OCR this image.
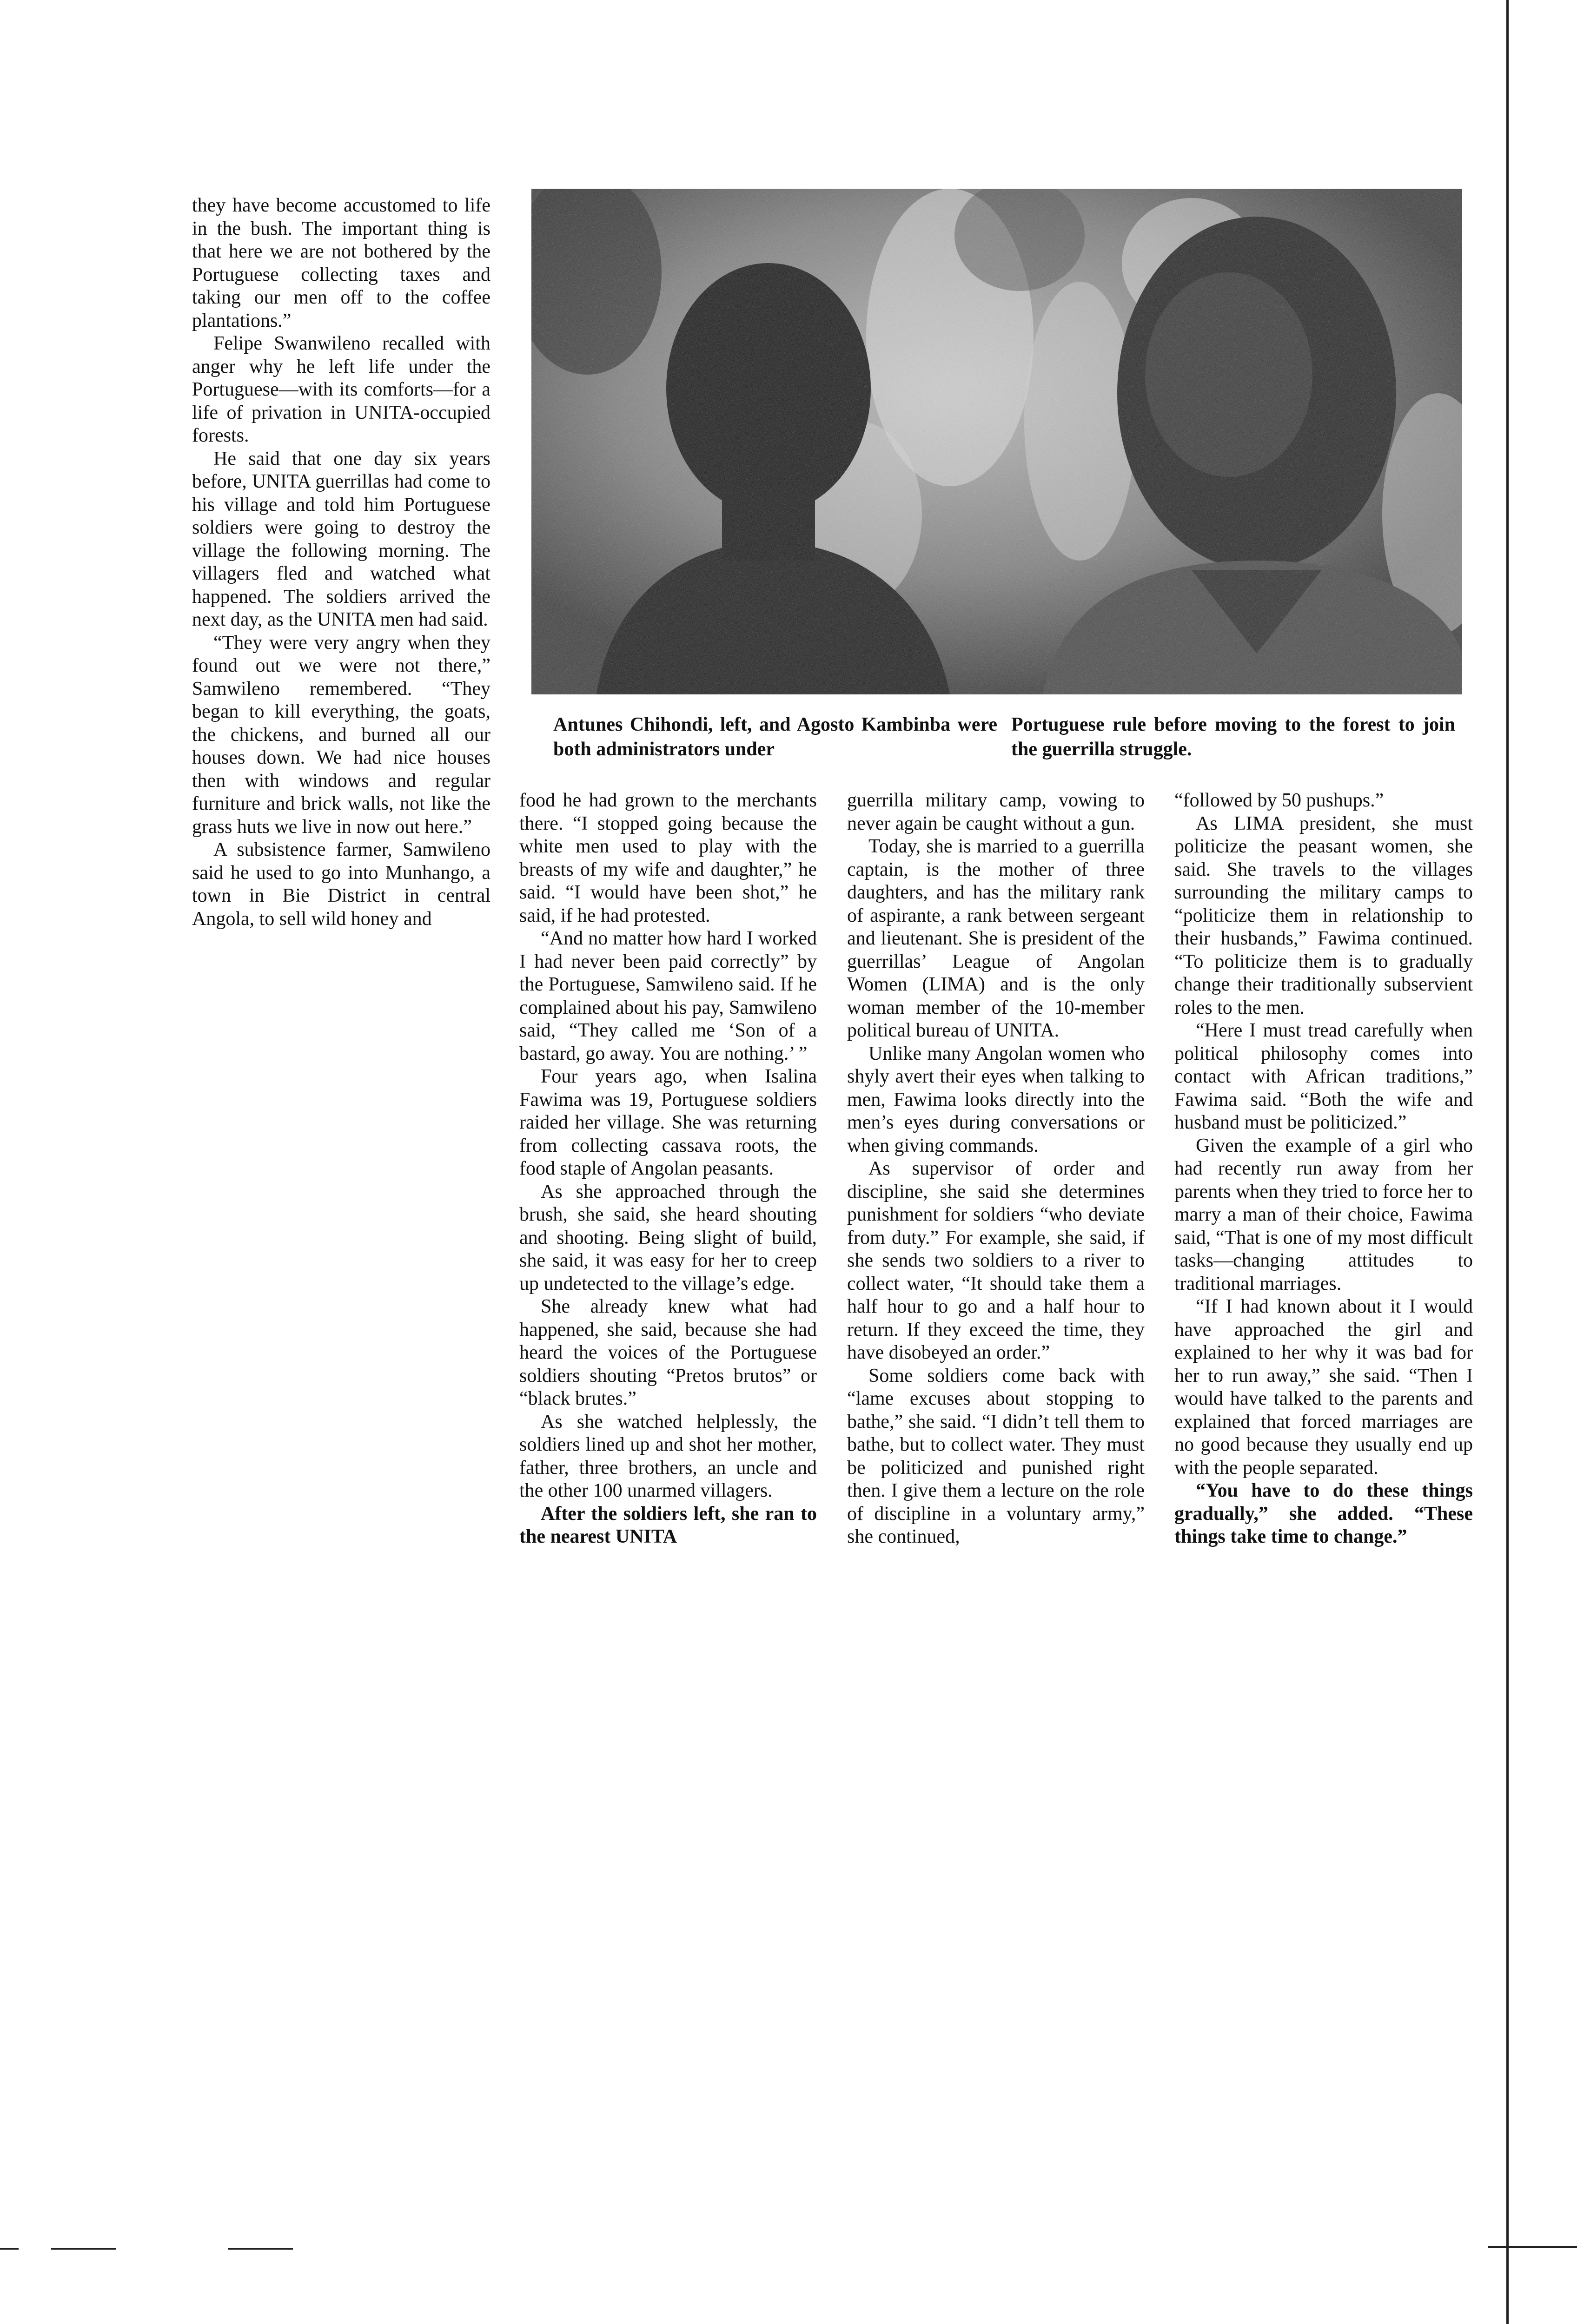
Antunes Chihondi, left, and Agosto Kambinba were both administrators under
Portuguese rule before moving to the forest to join the guerrilla struggle.

they have become accustomed to life in the bush. The important thing is that here we are not bothered by the Portuguese collecting taxes and taking our men off to the coffee plantations.”

Felipe Swanwileno recalled with anger why he left life under the Portuguese—with its comforts—for a life of privation in UNITA-occupied forests.

He said that one day six years before, UNITA guerrillas had come to his village and told him Portuguese soldiers were going to destroy the village the following morning. The villagers fled and watched what happened. The soldiers arrived the next day, as the UNITA men had said.

“They were very angry when they found out we were not there,” Samwileno remembered. “They began to kill everything, the goats, the chickens, and burned all our houses down. We had nice houses then with windows and regular furniture and brick walls, not like the grass huts we live in now out here.”

A subsistence farmer, Samwileno said he used to go into Munhango, a town in Bie District in central Angola, to sell wild honey and

food he had grown to the merchants there. “I stopped going because the white men used to play with the breasts of my wife and daughter,” he said. “I would have been shot,” he said, if he had protested.

“And no matter how hard I worked I had never been paid correctly” by the Portuguese, Samwileno said. If he complained about his pay, Samwileno said, “They called me ‘Son of a bastard, go away. You are nothing.’ ”

Four years ago, when Isalina Fawima was 19, Portuguese soldiers raided her village. She was returning from collecting cassava roots, the food staple of Angolan peasants.

As she approached through the brush, she said, she heard shouting and shooting. Being slight of build, she said, it was easy for her to creep up undetected to the village’s edge.

She already knew what had happened, she said, because she had heard the voices of the Portuguese soldiers shouting “Pretos brutos” or “black brutes.”

As she watched helplessly, the soldiers lined up and shot her mother, father, three brothers, an uncle and the other 100 unarmed villagers.

After the soldiers left, she ran to the nearest UNITA

guerrilla military camp, vowing to never again be caught without a gun.

Today, she is married to a guerrilla captain, is the mother of three daughters, and has the military rank of aspirante, a rank between sergeant and lieutenant. She is president of the guerrillas’ League of Angolan Women (LIMA) and is the only woman member of the 10-member political bureau of UNITA.

Unlike many Angolan women who shyly avert their eyes when talking to men, Fawima looks directly into the men’s eyes during conversations or when giving commands.

As supervisor of order and discipline, she said she determines punishment for soldiers “who deviate from duty.” For example, she said, if she sends two soldiers to a river to collect water, “It should take them a half hour to go and a half hour to return. If they exceed the time, they have disobeyed an order.”

Some soldiers come back with “lame excuses about stopping to bathe,” she said. “I didn’t tell them to bathe, but to collect water. They must be politicized and punished right then. I give them a lecture on the role of discipline in a voluntary army,” she continued,

“followed by 50 pushups.”

As LIMA president, she must politicize the peasant women, she said. She travels to the villages surrounding the military camps to “politicize them in relationship to their husbands,” Fawima continued. “To politicize them is to gradually change their traditionally subservient roles to the men.

“Here I must tread carefully when political philosophy comes into contact with African traditions,” Fawima said. “Both the wife and husband must be politicized.”

Given the example of a girl who had recently run away from her parents when they tried to force her to marry a man of their choice, Fawima said, “That is one of my most difficult tasks—changing attitudes to traditional marriages.

“If I had known about it I would have approached the girl and explained to her why it was bad for her to run away,” she said. “Then I would have talked to the parents and explained that forced marriages are no good because they usually end up with the people separated.

“You have to do these things gradually,” she added. “These things take time to change.”
